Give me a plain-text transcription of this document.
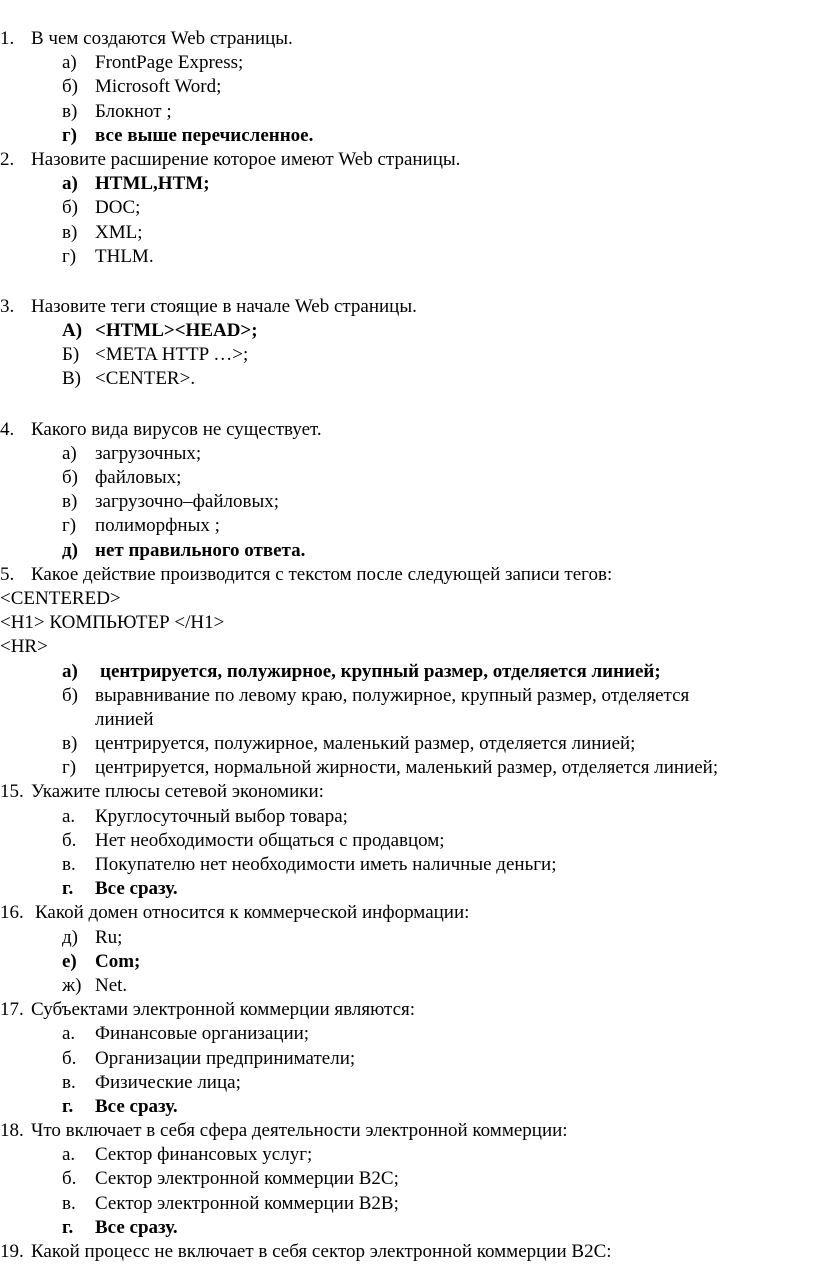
1. В чем создаются Web страницы.
а) FrontPage Express;
б) Microsoft Word;
в) Блокнот ;
г) все выше перечисленное.
2. Назовите расширение которое имеют Web страницы.
а) HTML,HTM;
б) DOC;
в) XML;
г) THLM.
3. Назовите теги стоящие в начале Web страницы.
А) <HTML><HEAD>;
Б) <META HTTP …>;
В) <CENTER>.
4. Какого вида вирусов не существует.
а) загрузочных;
б) файловых;
в) загрузочно–файловых;
г) полиморфных ;
д) нет правильного ответа.
5. Какое действие производится с текстом после следующей записи тегов:
<CENTERED>
<H1> КОМПЬЮТЕР </H1>
<HR>
а) центрируется, полужирное, крупный размер, отделяется линией;
б) выравнивание по левому краю, полужирное, крупный размер, отделяется
линией
в) центрируется, полужирное, маленький размер, отделяется линией;
г) центрируется, нормальной жирности, маленький размер, отделяется линией;
15. Укажите плюсы сетевой экономики:
а. Круглосуточный выбор товара;
б. Нет необходимости общаться с продавцом;
в. Покупателю нет необходимости иметь наличные деньги;
г. Все сразу.
16. Какой домен относится к коммерческой информации:
д) Ru;
е) Com;
ж) Net.
17. Субъектами электронной коммерции являются:
а. Финансовые организации;
б. Организации предприниматели;
в. Физические лица;
г. Все сразу.
18. Что включает в себя сфера деятельности электронной коммерции:
а. Сектор финансовых услуг;
б. Сектор электронной коммерции В2С;
в. Сектор электронной коммерции В2В;
г. Все сразу.
19. Какой процесс не включает в себя сектор электронной коммерции В2С:
